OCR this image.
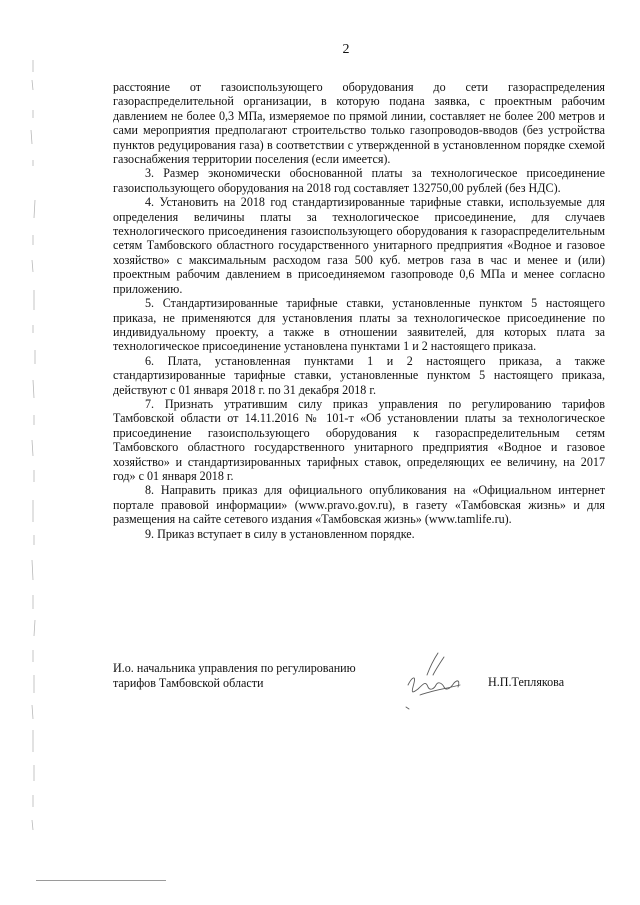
2

расстояние от газоиспользующего оборудования до сети газораспределения газораспределительной организации, в которую подана заявка, с проектным рабочим давлением не более 0,3 МПа, измеряемое по прямой линии, составляет не более 200 метров и сами мероприятия предполагают строительство только газопроводов-вводов (без устройства пунктов редуцирования газа) в соответствии с утвержденной в установленном порядке схемой газоснабжения территории поселения (если имеется).

3. Размер экономически обоснованной платы за технологическое присоединение газоиспользующего оборудования на 2018 год составляет 132750,00 рублей (без НДС).

4. Установить на 2018 год стандартизированные тарифные ставки, используемые для определения величины платы за технологическое присоединение, для случаев технологического присоединения газоиспользующего оборудования к газораспределительным сетям Тамбовского областного государственного унитарного предприятия «Водное и газовое хозяйство» с максимальным расходом газа 500 куб. метров газа в час и менее и (или) проектным рабочим давлением в присоединяемом газопроводе 0,6 МПа и менее согласно приложению.

5. Стандартизированные тарифные ставки, установленные пунктом 5 настоящего приказа, не применяются для установления платы за технологическое присоединение по индивидуальному проекту, а также в отношении заявителей, для которых плата за технологическое присоединение установлена пунктами 1 и 2 настоящего приказа.

6. Плата, установленная пунктами 1 и 2 настоящего приказа, а также стандартизированные тарифные ставки, установленные пунктом 5 настоящего приказа, действуют с 01 января 2018 г. по 31 декабря 2018 г.

7. Признать утратившим силу приказ управления по регулированию тарифов Тамбовской области от 14.11.2016 № 101-т «Об установлении платы за технологическое присоединение газоиспользующего оборудования к газораспределительным сетям Тамбовского областного государственного унитарного предприятия «Водное и газовое хозяйство» и стандартизированных тарифных ставок, определяющих ее величину, на 2017 год» с 01 января 2018 г.

8. Направить приказ для официального опубликования на «Официальном интернет портале правовой информации» (www.pravo.gov.ru), в газету «Тамбовская жизнь» и для размещения на сайте сетевого издания «Тамбовская жизнь» (www.tamlife.ru).

9. Приказ вступает в силу в установленном порядке.

И.о. начальника управления по регулированию
тарифов Тамбовской области	Н.П.Теплякова
